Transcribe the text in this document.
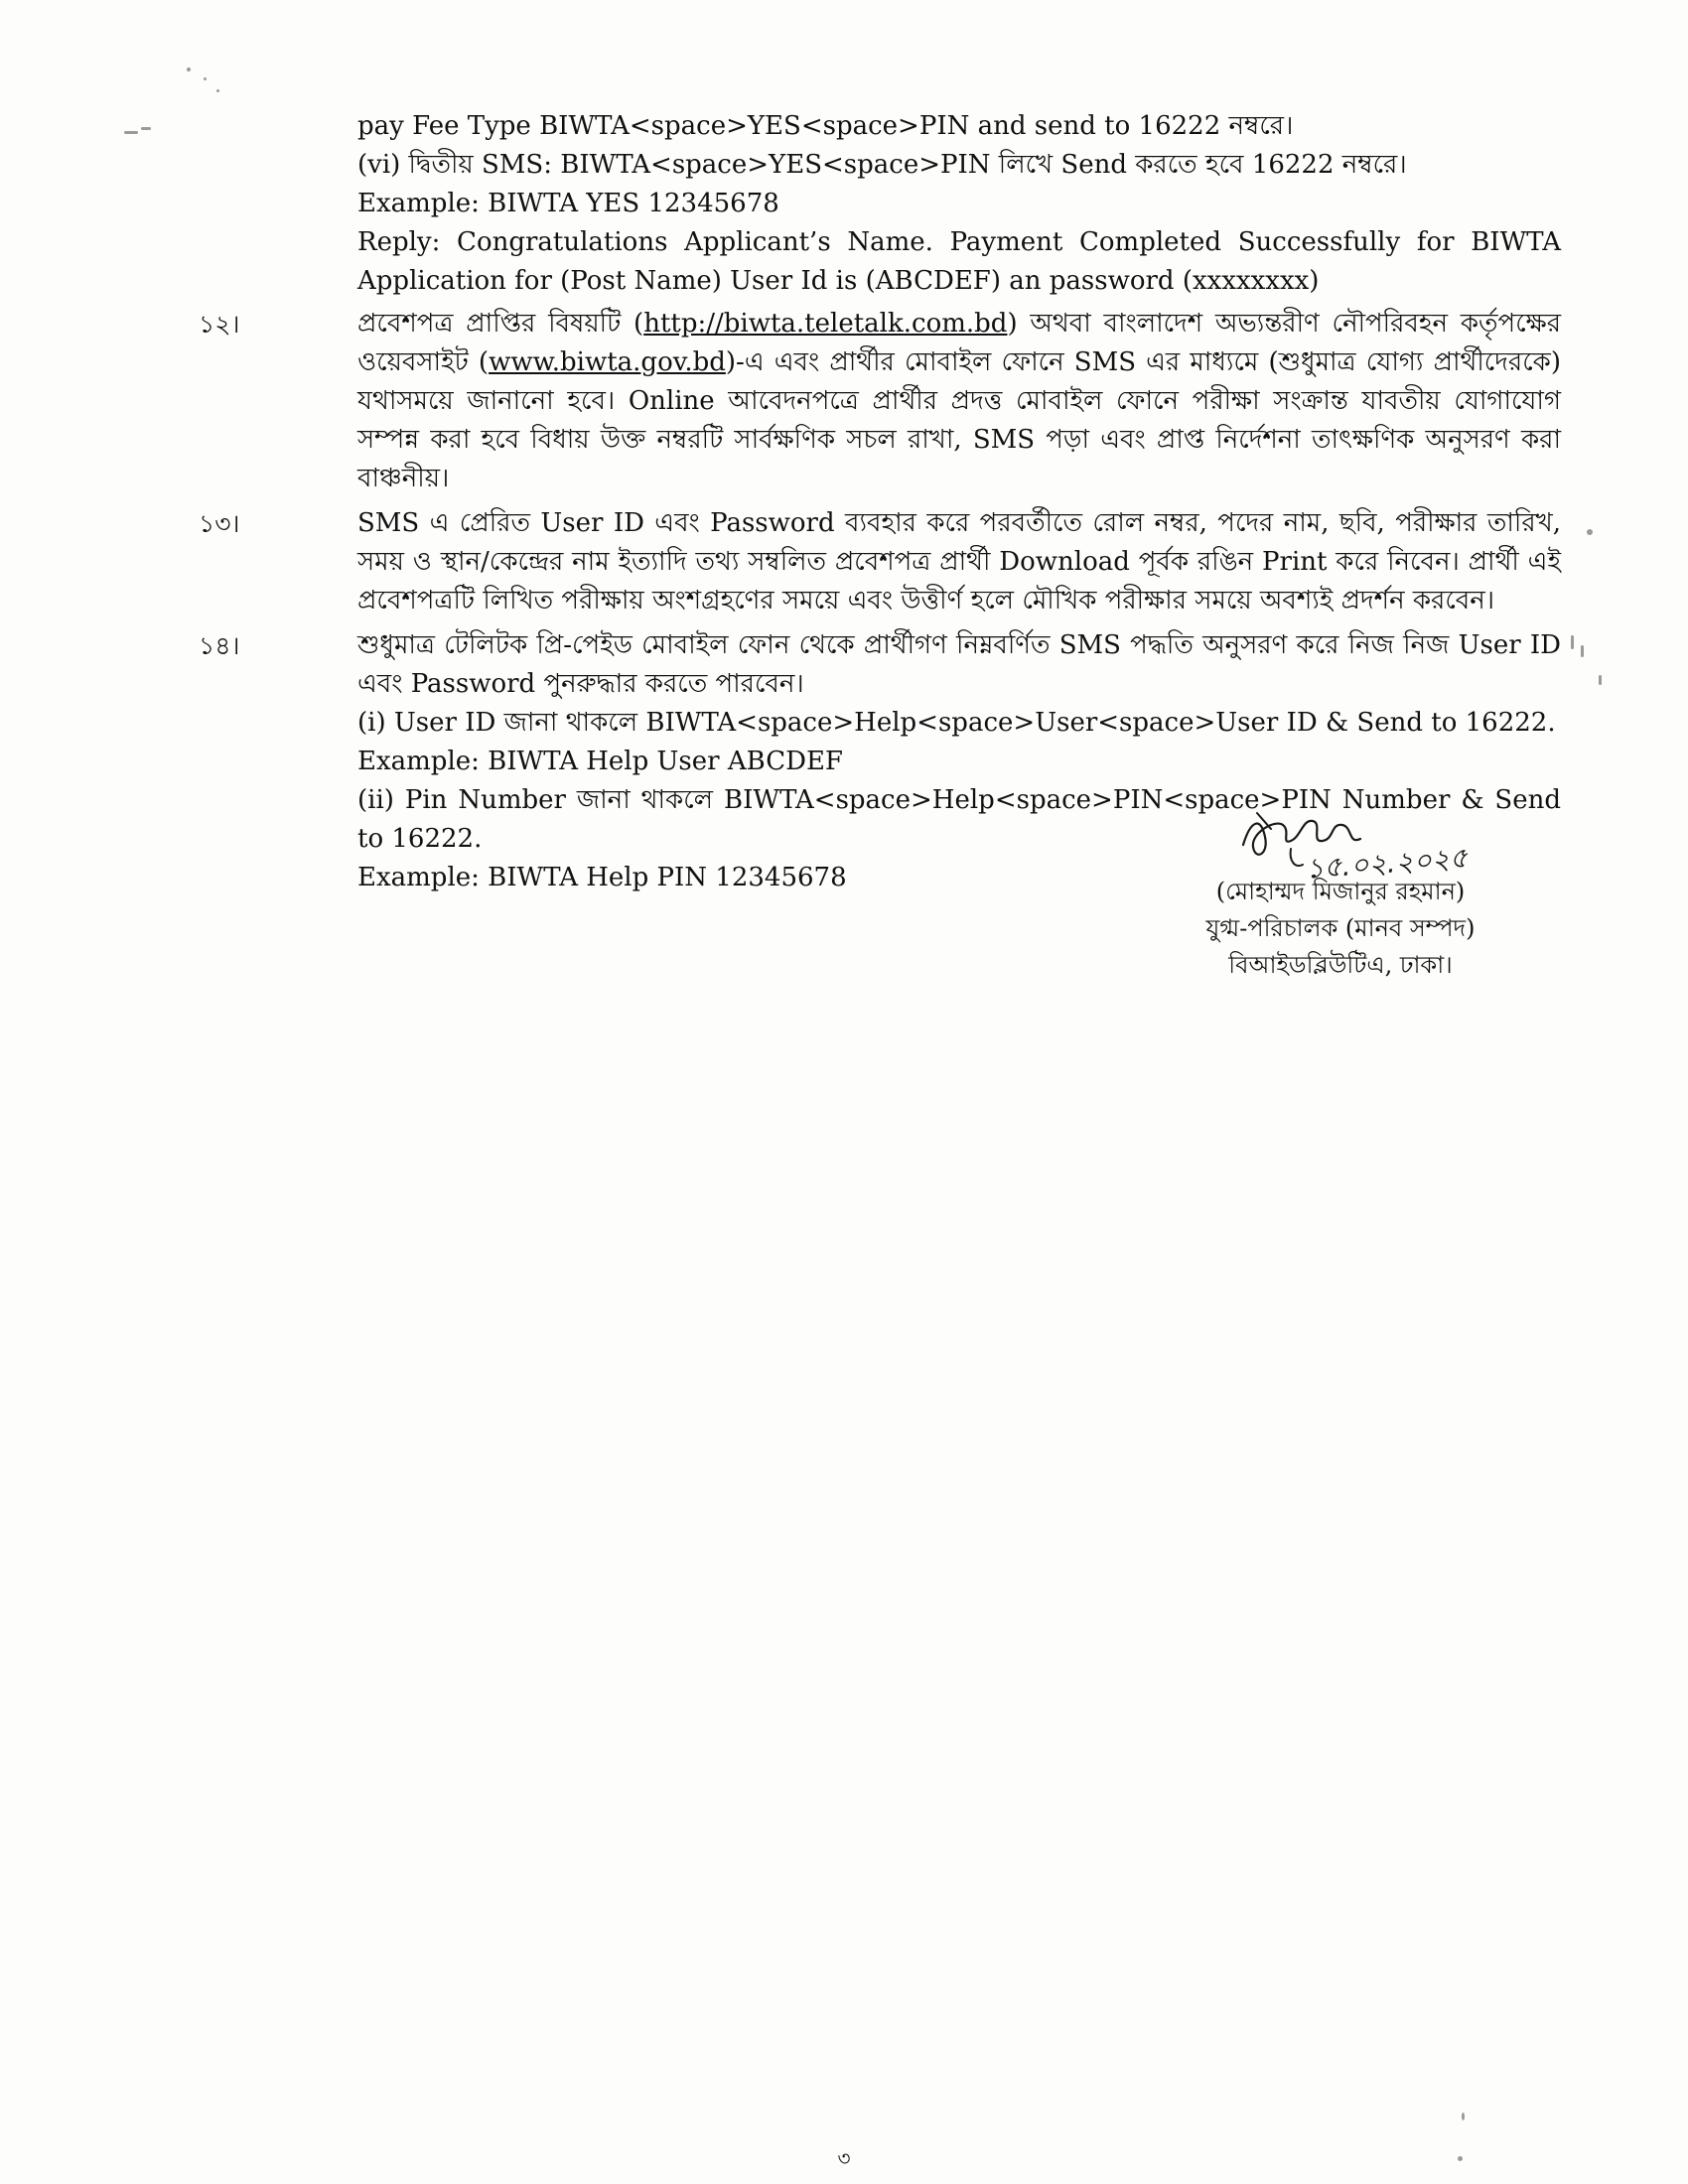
pay Fee Type BIWTA<space>YES<space>PIN and send to 16222 নম্বরে।
(vi) দ্বিতীয় SMS: BIWTA<space>YES<space>PIN লিখে Send করতে হবে 16222 নম্বরে।
Example: BIWTA YES 12345678
Reply: Congratulations Applicant’s Name. Payment Completed Successfully for BIWTA Application for (Post Name) User Id is (ABCDEF) an password (xxxxxxxx)
১২।	প্রবেশপত্র প্রাপ্তির বিষয়টি (http://biwta.teletalk.com.bd) অথবা বাংলাদেশ অভ্যন্তরীণ নৌপরিবহন কর্তৃপক্ষের ওয়েবসাইট (www.biwta.gov.bd)-এ এবং প্রার্থীর মোবাইল ফোনে SMS এর মাধ্যমে (শুধুমাত্র যোগ্য প্রার্থীদেরকে) যথাসময়ে জানানো হবে। Online আবেদনপত্রে প্রার্থীর প্রদত্ত মোবাইল ফোনে পরীক্ষা সংক্রান্ত যাবতীয় যোগাযোগ সম্পন্ন করা হবে বিধায় উক্ত নম্বরটি সার্বক্ষণিক সচল রাখা, SMS পড়া এবং প্রাপ্ত নির্দেশনা তাৎক্ষণিক অনুসরণ করা বাঞ্চনীয়।
১৩।	SMS এ প্রেরিত User ID এবং Password ব্যবহার করে পরবর্তীতে রোল নম্বর, পদের নাম, ছবি, পরীক্ষার তারিখ, সময় ও স্থান/কেন্দ্রের নাম ইত্যাদি তথ্য সম্বলিত প্রবেশপত্র প্রার্থী Download পূর্বক রঙিন Print করে নিবেন। প্রার্থী এই প্রবেশপত্রটি লিখিত পরীক্ষায় অংশগ্রহণের সময়ে এবং উত্তীর্ণ হলে মৌখিক পরীক্ষার সময়ে অবশ্যই প্রদর্শন করবেন।
১৪।	শুধুমাত্র টেলিটক প্রি-পেইড মোবাইল ফোন থেকে প্রার্থীগণ নিম্নবর্ণিত SMS পদ্ধতি অনুসরণ করে নিজ নিজ User ID এবং Password পুনরুদ্ধার করতে পারবেন।
(i) User ID জানা থাকলে BIWTA<space>Help<space>User<space>User ID & Send to 16222.
Example: BIWTA Help User ABCDEF
(ii) Pin Number জানা থাকলে BIWTA<space>Help<space>PIN<space>PIN Number & Send to 16222.
Example: BIWTA Help PIN 12345678	১৫.০২.২০২৫
(মোহাম্মদ মিজানুর রহমান)
যুগ্ম-পরিচালক (মানব সম্পদ)
বিআইডব্লিউটিএ, ঢাকা।
৩
